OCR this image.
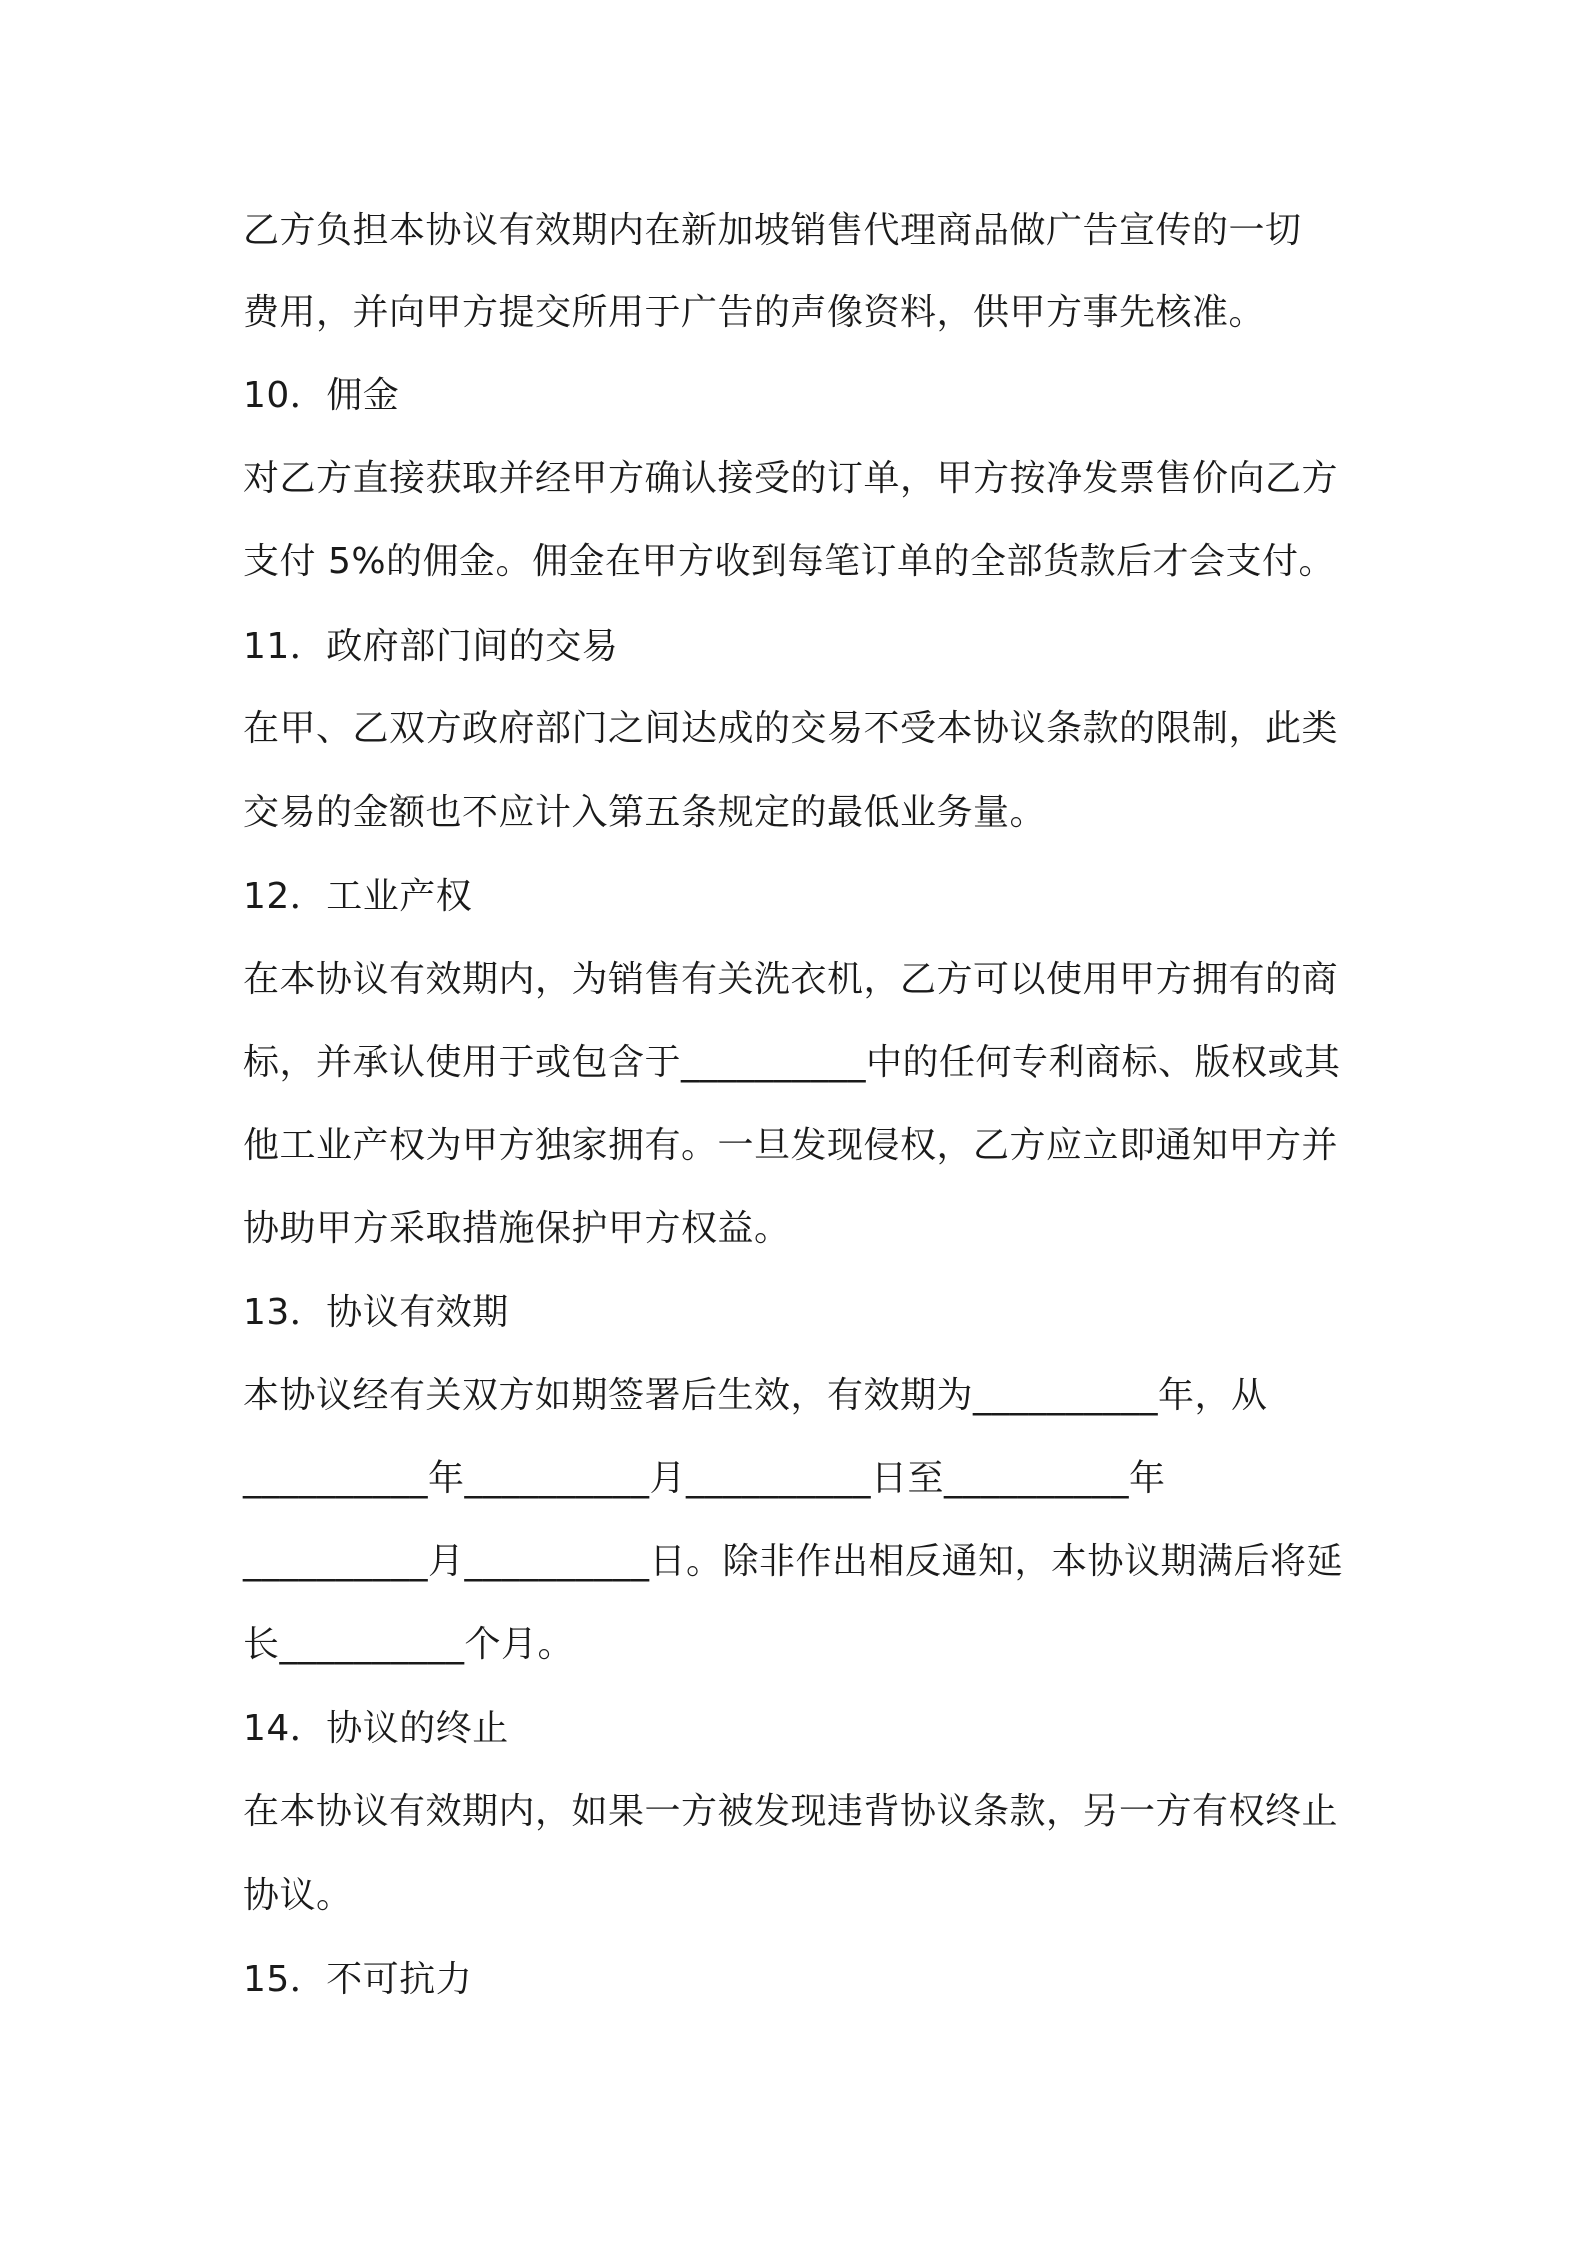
乙方负担本协议有效期内在新加坡销售代理商品做广告宣传的一切
费用，并向甲方提交所用于广告的声像资料，供甲方事先核准。
10．佣金
对乙方直接获取并经甲方确认接受的订单，甲方按净发票售价向乙方
支付 5%的佣金。佣金在甲方收到每笔订单的全部货款后才会支付。
11．政府部门间的交易
在甲、乙双方政府部门之间达成的交易不受本协议条款的限制，此类
交易的金额也不应计入第五条规定的最低业务量。
12．工业产权
在本协议有效期内，为销售有关洗衣机，乙方可以使用甲方拥有的商
标，并承认使用于或包含于__________中的任何专利商标、版权或其
他工业产权为甲方独家拥有。一旦发现侵权，乙方应立即通知甲方并
协助甲方采取措施保护甲方权益。
13．协议有效期
本协议经有关双方如期签署后生效，有效期为__________年，从
__________年__________月__________日至__________年
__________月__________日。除非作出相反通知，本协议期满后将延
长__________个月。
14．协议的终止
在本协议有效期内，如果一方被发现违背协议条款，另一方有权终止
协议。
15．不可抗力
